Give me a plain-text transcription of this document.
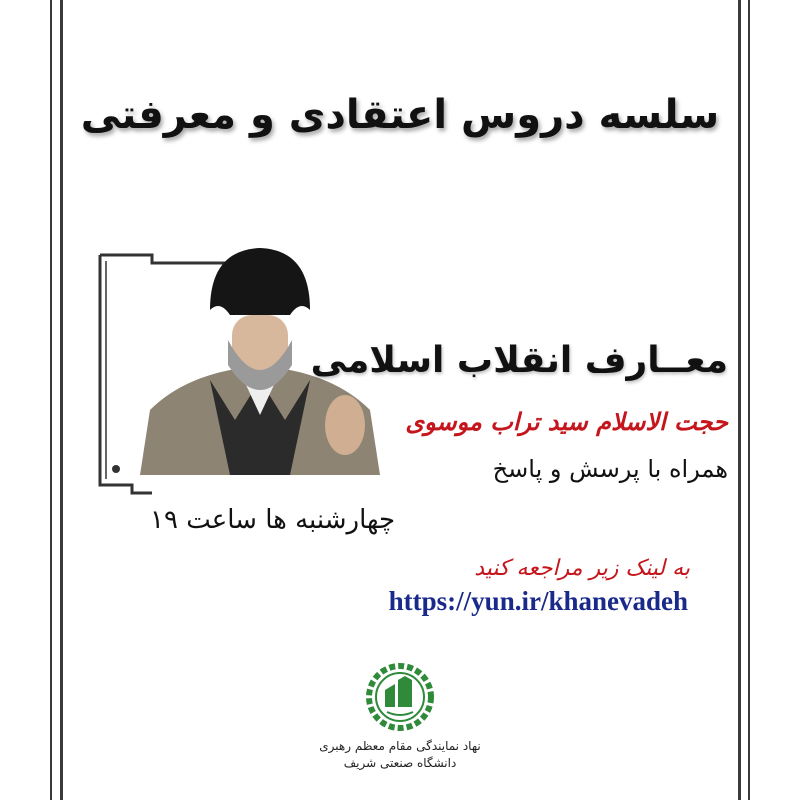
سلسه دروس اعتقادی و معرفتی
معــارف انقلاب اسلامی
حجت الاسلام سید تراب موسوی
همراه با پرسش و پاسخ
چهارشنبه ها ساعت ۱۹
به لینک زیر مراجعه کنید
https://yun.ir/khanevadeh
نهاد نمایندگی مقام معظم رهبری
دانشگاه صنعتی شریف
